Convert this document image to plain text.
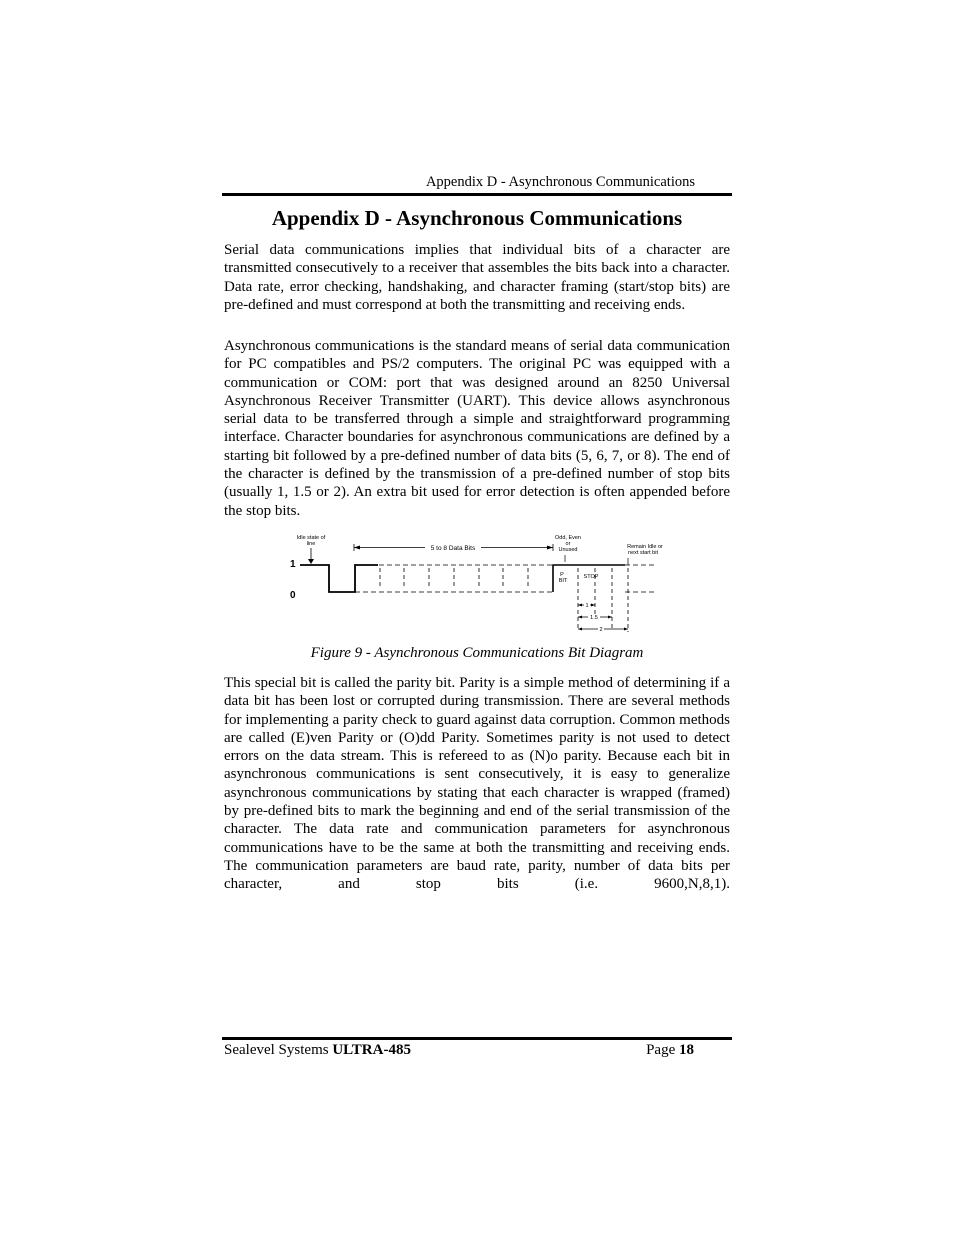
Appendix D - Asynchronous Communications
Appendix D - Asynchronous Communications

Serial data communications implies that individual bits of a character are transmitted consecutively to a receiver that assembles the bits back into a character. Data rate, error checking, handshaking, and character framing (start/stop bits) are pre-defined and must correspond at both the transmitting and receiving ends.

Asynchronous communications is the standard means of serial data communication for PC compatibles and PS/2 computers. The original PC was equipped with a communication or COM: port that was designed around an 8250 Universal Asynchronous Receiver Transmitter (UART). This device allows asynchronous serial data to be transferred through a simple and straightforward programming interface. Character boundaries for asynchronous communications are defined by a starting bit followed by a pre-defined number of data bits (5, 6, 7, or 8). The end of the character is defined by the transmission of a pre-defined number of stop bits (usually 1, 1.5 or 2). An extra bit used for error detection is often appended before the stop bits.

Idle state of
line
Odd, Even
or
Unused	Remain Idle or
next start bit
5 to 8 Data Bits
1
0
P
BIT
STOP
1
1.5
2

Figure 9 - Asynchronous Communications Bit Diagram

This special bit is called the parity bit. Parity is a simple method of determining if a data bit has been lost or corrupted during transmission. There are several methods for implementing a parity check to guard against data corruption. Common methods are called (E)ven Parity or (O)dd Parity. Sometimes parity is not used to detect errors on the data stream. This is refereed to as (N)o parity. Because each bit in asynchronous communications is sent consecutively, it is easy to generalize asynchronous communications by stating that each character is wrapped (framed) by pre-defined bits to mark the beginning and end of the serial transmission of the character. The data rate and communication parameters for asynchronous communications have to be the same at both the transmitting and receiving ends. The communication parameters are baud rate, parity, number of data bits per character, and stop bits (i.e. 9600,N,8,1).

Sealevel Systems ULTRA-485	Page 18
